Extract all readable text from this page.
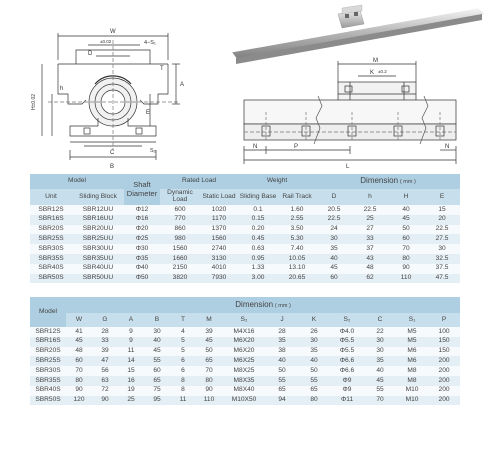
W
±0.02
D
4−S₁
h
H±0.02
T
A
E
B
C	S₂
M
K ±0.2
N	P
L
N
Model		Shaft Diameter	Rated Load		Weight		Dimension ( mm )			
Unit	Sliding Block		Dynamic Load	Static Load	Sliding Base	Rail Track	D	h	H	E
SBR12S	SBR12UU	Φ12	600	1020	0.1	1.60	20.5	22.5	40	15
SBR16S	SBR16UU	Φ16	770	1170	0.15	2.55	22.5	25	45	20
SBR20S	SBR20UU	Φ20	860	1370	0.20	3.50	24	27	50	22.5
SBR25S	SBR25UU	Φ25	980	1560	0.45	5.30	30	33	60	27.5
SBR30S	SBR30UU	Φ30	1560	2740	0.63	7.40	35	37	70	30
SBR35S	SBR35UU	Φ35	1660	3130	0.95	10.05	40	43	80	32.5
SBR40S	SBR40UU	Φ40	2150	4010	1.33	13.10	45	48	90	37.5
SBR50S	SBR50UU	Φ50	3820	7930	3.00	20.65	60	62	110	47.5
Model	Dimension ( mm )												
	W	G	A	B	T	M	S₂	J	K	S₂	C	S₁	P
SBR12S	41	28	9	30	4	39	M4X16	28	26	Φ4.0	22	M5	100
SBR16S	45	33	9	40	5	45	M6X20	35	30	Φ5.5	30	M5	150
SBR20S	48	39	11	45	5	50	M6X20	38	35	Φ5.5	30	M6	150
SBR25S	60	47	14	55	6	65	M6X25	40	40	Φ6.6	35	M6	200
SBR30S	70	56	15	60	6	70	M8X25	50	50	Φ6.6	40	M8	200
SBR35S	80	63	16	65	8	80	M8X35	55	55	Φ9	45	M8	200
SBR40S	90	72	19	75	8	90	M8X40	65	65	Φ9	55	M10	200
SBR50S	120	90	25	95	11	110	M10X50	94	80	Φ11	70	M10	200
